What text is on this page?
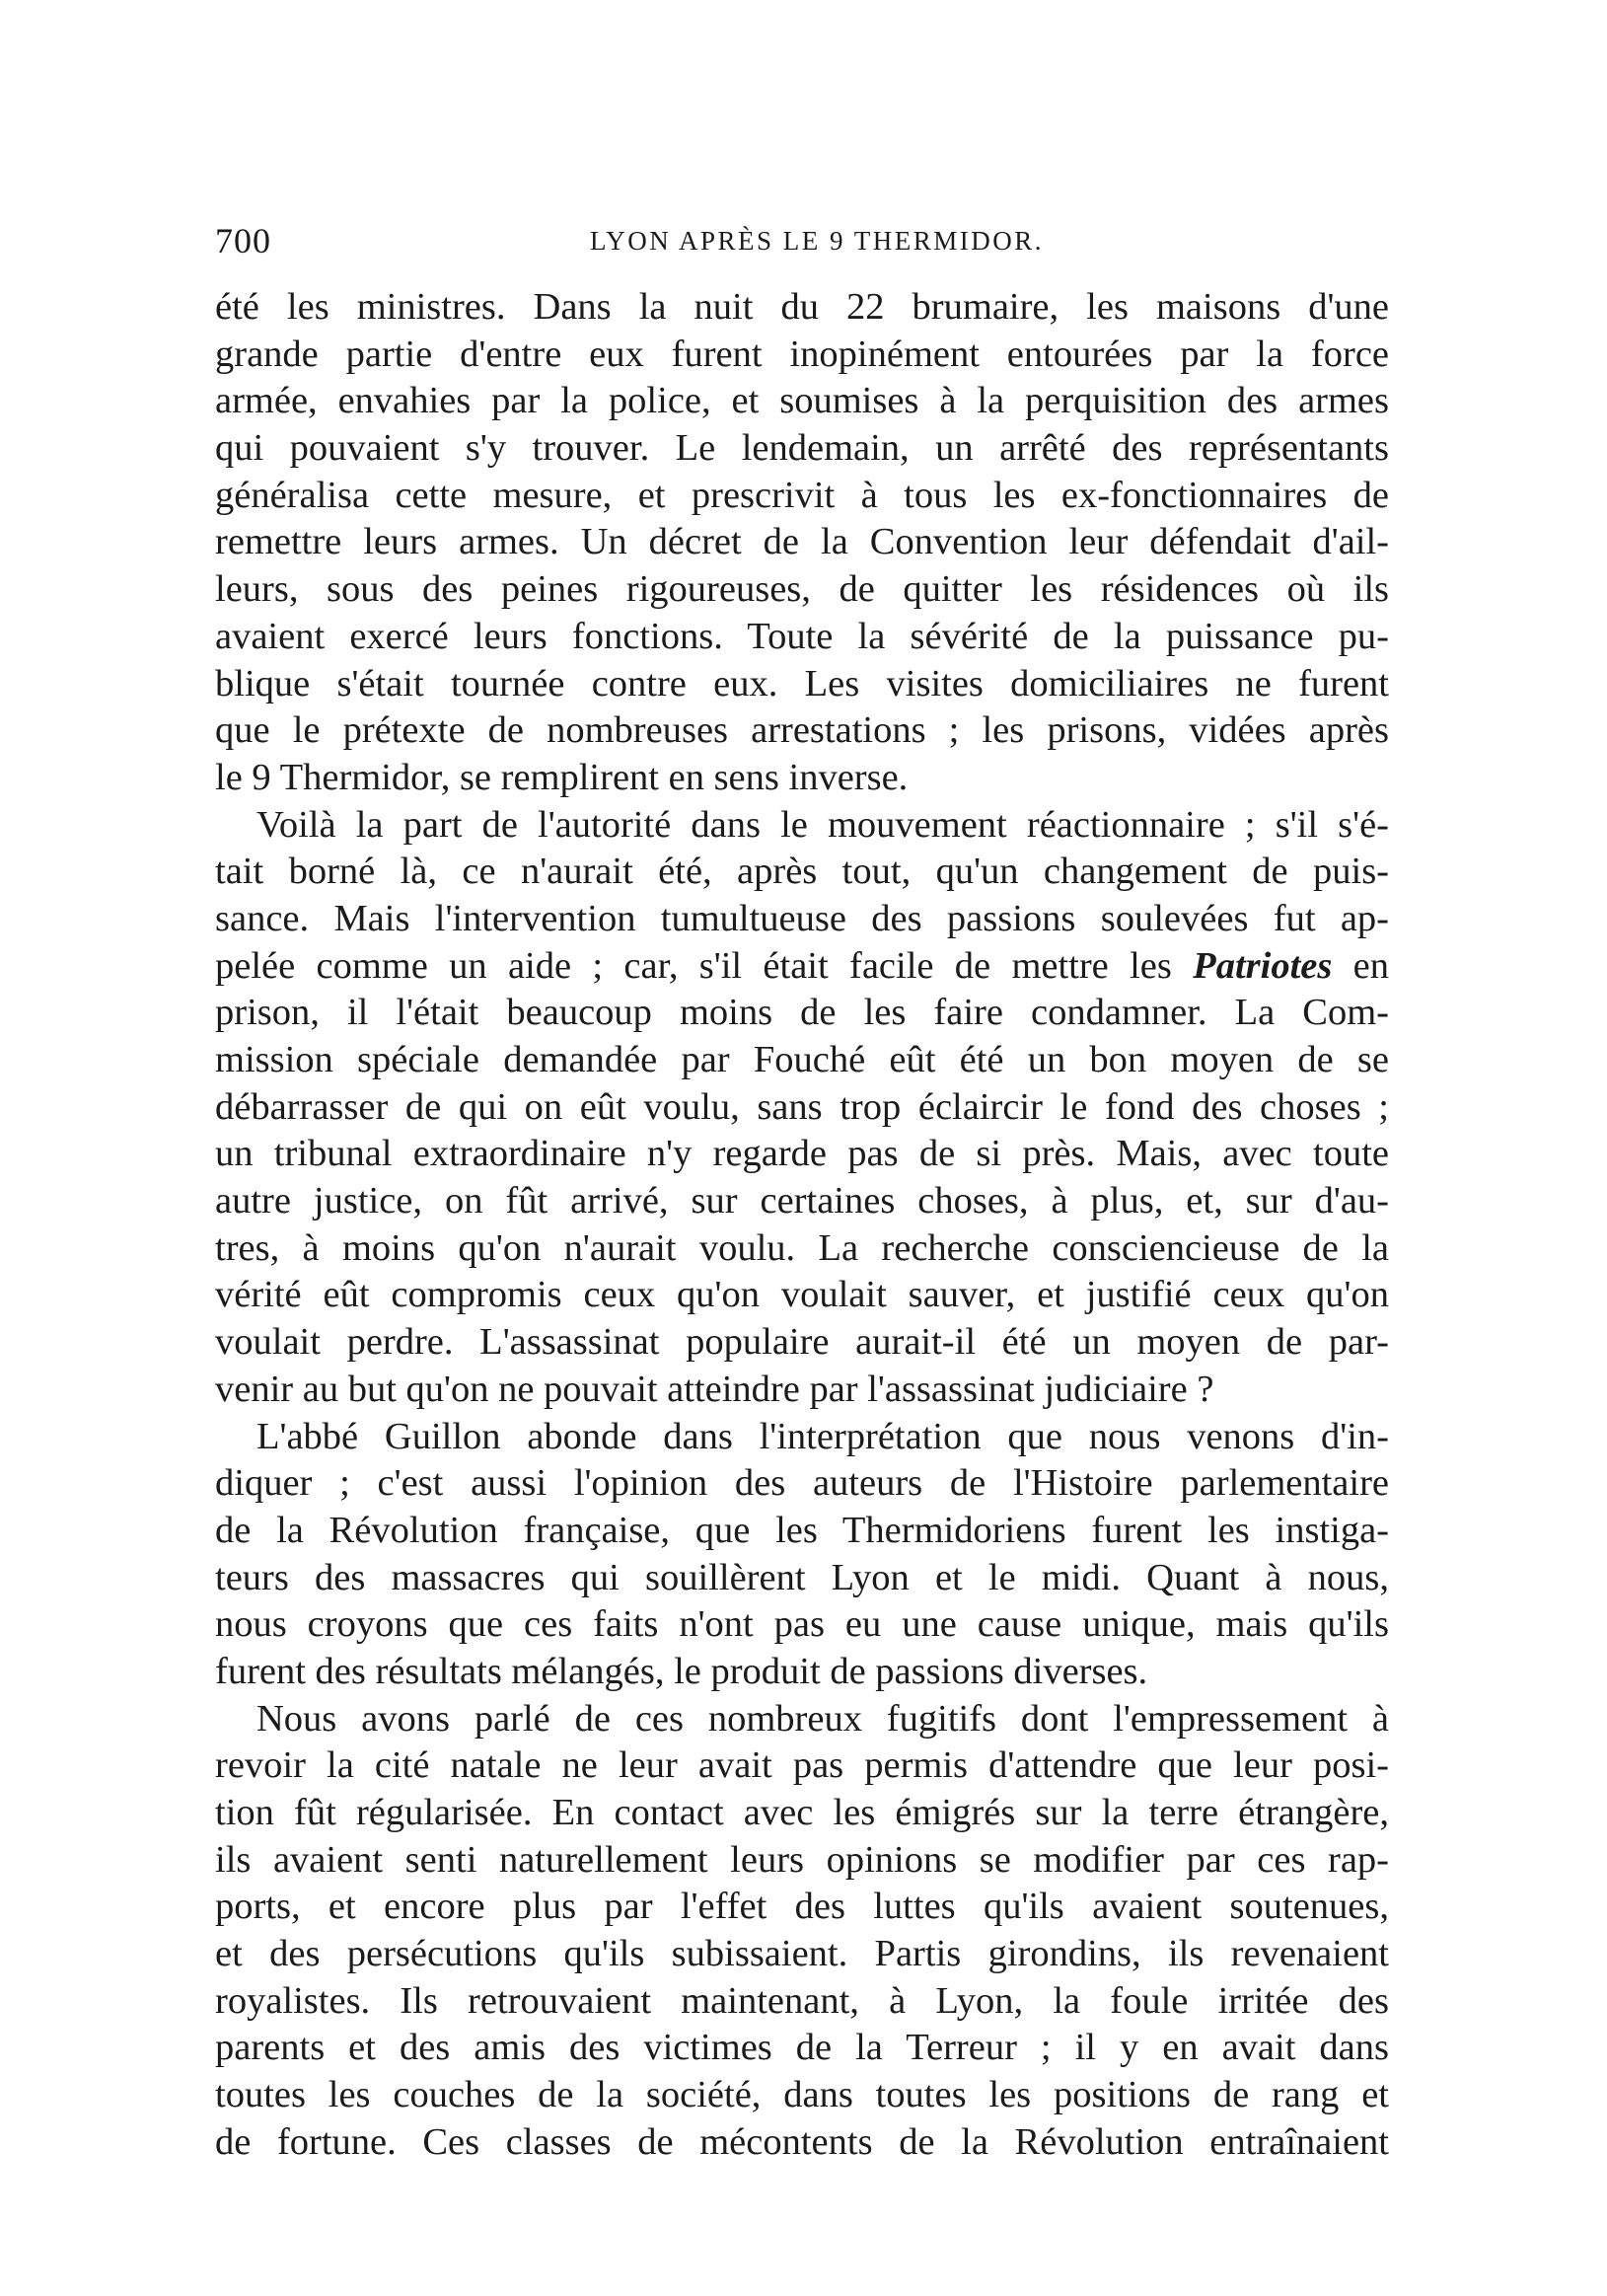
700	LYON APRÈS LE 9 THERMIDOR.
été les ministres. Dans la nuit du 22 brumaire, les maisons d'une
grande partie d'entre eux furent inopinément entourées par la force
armée, envahies par la police, et soumises à la perquisition des armes
qui pouvaient s'y trouver. Le lendemain, un arrêté des représentants
généralisa cette mesure, et prescrivit à tous les ex-fonctionnaires de
remettre leurs armes. Un décret de la Convention leur défendait d'ail-
leurs, sous des peines rigoureuses, de quitter les résidences où ils
avaient exercé leurs fonctions. Toute la sévérité de la puissance pu-
blique s'était tournée contre eux. Les visites domiciliaires ne furent
que le prétexte de nombreuses arrestations ; les prisons, vidées après
le 9 Thermidor, se remplirent en sens inverse.
Voilà la part de l'autorité dans le mouvement réactionnaire ; s'il s'é-
tait borné là, ce n'aurait été, après tout, qu'un changement de puis-
sance. Mais l'intervention tumultueuse des passions soulevées fut ap-
pelée comme un aide ; car, s'il était facile de mettre les Patriotes en
prison, il l'était beaucoup moins de les faire condamner. La Com-
mission spéciale demandée par Fouché eût été un bon moyen de se
débarrasser de qui on eût voulu, sans trop éclaircir le fond des choses ;
un tribunal extraordinaire n'y regarde pas de si près. Mais, avec toute
autre justice, on fût arrivé, sur certaines choses, à plus, et, sur d'au-
tres, à moins qu'on n'aurait voulu. La recherche consciencieuse de la
vérité eût compromis ceux qu'on voulait sauver, et justifié ceux qu'on
voulait perdre. L'assassinat populaire aurait-il été un moyen de par-
venir au but qu'on ne pouvait atteindre par l'assassinat judiciaire ?
L'abbé Guillon abonde dans l'interprétation que nous venons d'in-
diquer ; c'est aussi l'opinion des auteurs de l'Histoire parlementaire
de la Révolution française, que les Thermidoriens furent les instiga-
teurs des massacres qui souillèrent Lyon et le midi. Quant à nous,
nous croyons que ces faits n'ont pas eu une cause unique, mais qu'ils
furent des résultats mélangés, le produit de passions diverses.
Nous avons parlé de ces nombreux fugitifs dont l'empressement à
revoir la cité natale ne leur avait pas permis d'attendre que leur posi-
tion fût régularisée. En contact avec les émigrés sur la terre étrangère,
ils avaient senti naturellement leurs opinions se modifier par ces rap-
ports, et encore plus par l'effet des luttes qu'ils avaient soutenues,
et des persécutions qu'ils subissaient. Partis girondins, ils revenaient
royalistes. Ils retrouvaient maintenant, à Lyon, la foule irritée des
parents et des amis des victimes de la Terreur ; il y en avait dans
toutes les couches de la société, dans toutes les positions de rang et
de fortune. Ces classes de mécontents de la Révolution entraînaient
